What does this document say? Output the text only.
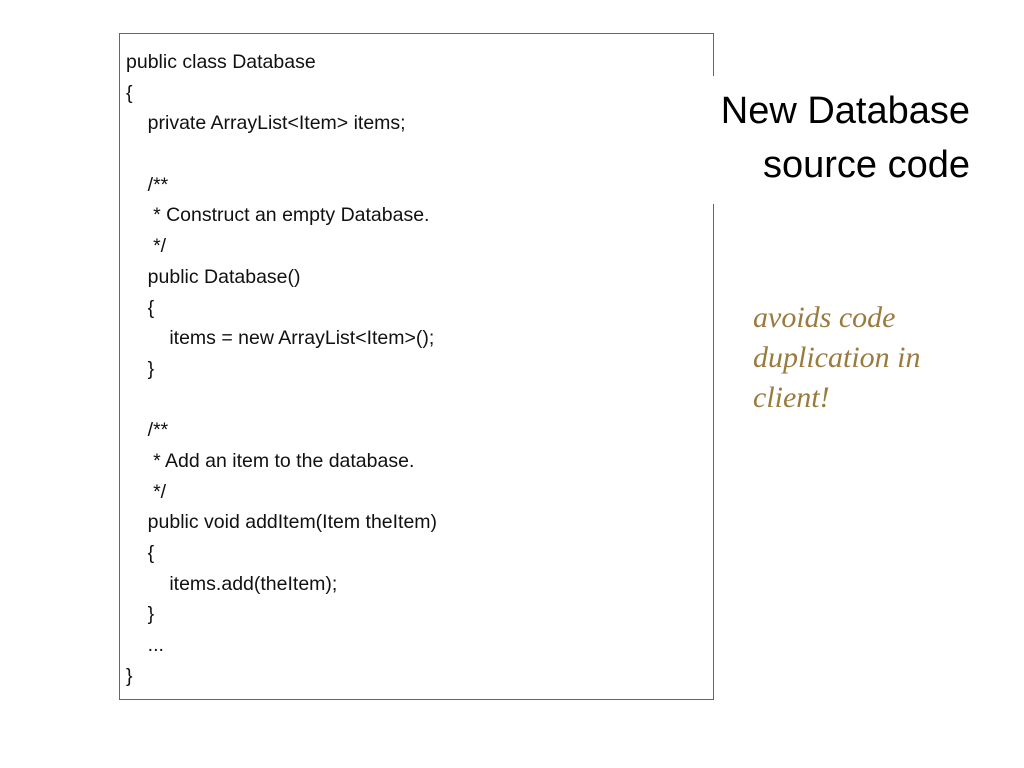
public class Database
{
private ArrayList<Item> items;
/**
* Construct an empty Database.
*/
public Database()
{
items = new ArrayList<Item>();
}
/**
* Add an item to the database.
*/
public void addItem(Item theItem)
{
items.add(theItem);
}
...
}
New Database
source code
avoids code
duplication in
client!
